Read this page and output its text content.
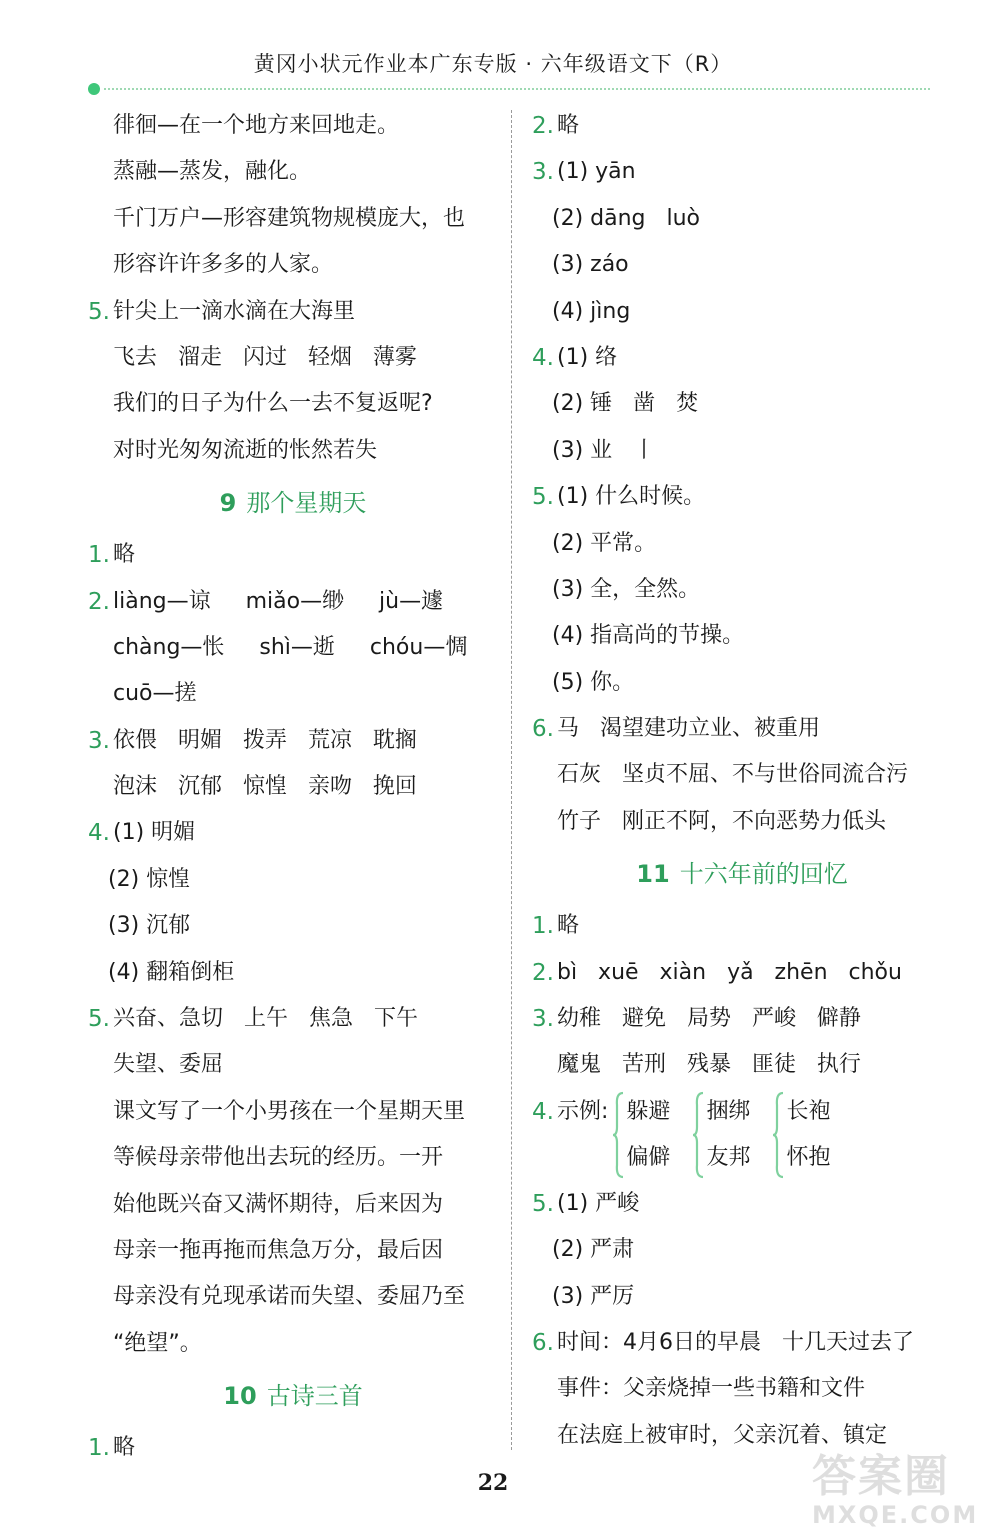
黄冈小状元作业本广东专版 · 六年级语文下（R）
徘徊—在一个地方来回地走。
蒸融—蒸发，融化。
千门万户—形容建筑物规模庞大，也
形容许许多多的人家。
5. 针尖上一滴水滴在大海里
飞去   溜走   闪过   轻烟   薄雾
我们的日子为什么一去不复返呢?
对时光匆匆流逝的怅然若失
9 那个星期天
1. 略
2. liàng—谅     miǎo—缈     jù—遽
chàng—怅     shì—逝     chóu—惆
cuō—搓
3. 依偎   明媚   拨弄   荒凉   耽搁
泡沫   沉郁   惊惶   亲吻   挽回
4. (1) 明媚
(2) 惊惶
(3) 沉郁
(4) 翻箱倒柜
5. 兴奋、急切   上午   焦急   下午
失望、委屈
课文写了一个小男孩在一个星期天里
等候母亲带他出去玩的经历。一开
始他既兴奋又满怀期待，后来因为
母亲一拖再拖而焦急万分，最后因
母亲没有兑现承诺而失望、委屈乃至
“绝望”。
10 古诗三首
1. 略
2. 略
3. (1) yān
(2) dāng   luò
(3) záo
(4) jìng
4. (1) 络
(2) 锤   凿   焚
(3) 业   丨
5. (1) 什么时候。
(2) 平常。
(3) 全，全然。
(4) 指高尚的节操。
(5) 你。
6. 马   渴望建功立业、被重用
石灰   坚贞不屈、不与世俗同流合污
竹子   刚正不阿，不向恶势力低头
11 十六年前的回忆
1. 略
2. bì   xuē   xiàn   yǎ   zhēn   chǒu
3. 幼稚   避免   局势   严峻   僻静
魔鬼   苦刑   残暴   匪徒   执行
4. 示例: 躲避
偏僻
捆绑
友邦
长袍
怀抱
5. (1) 严峻
(2) 严肃
(3) 严厉
6. 时间：4月6日的早晨   十几天过去了
事件：父亲烧掉一些书籍和文件
在法庭上被审时，父亲沉着、镇定
22	答案圈
MXQE.COM
